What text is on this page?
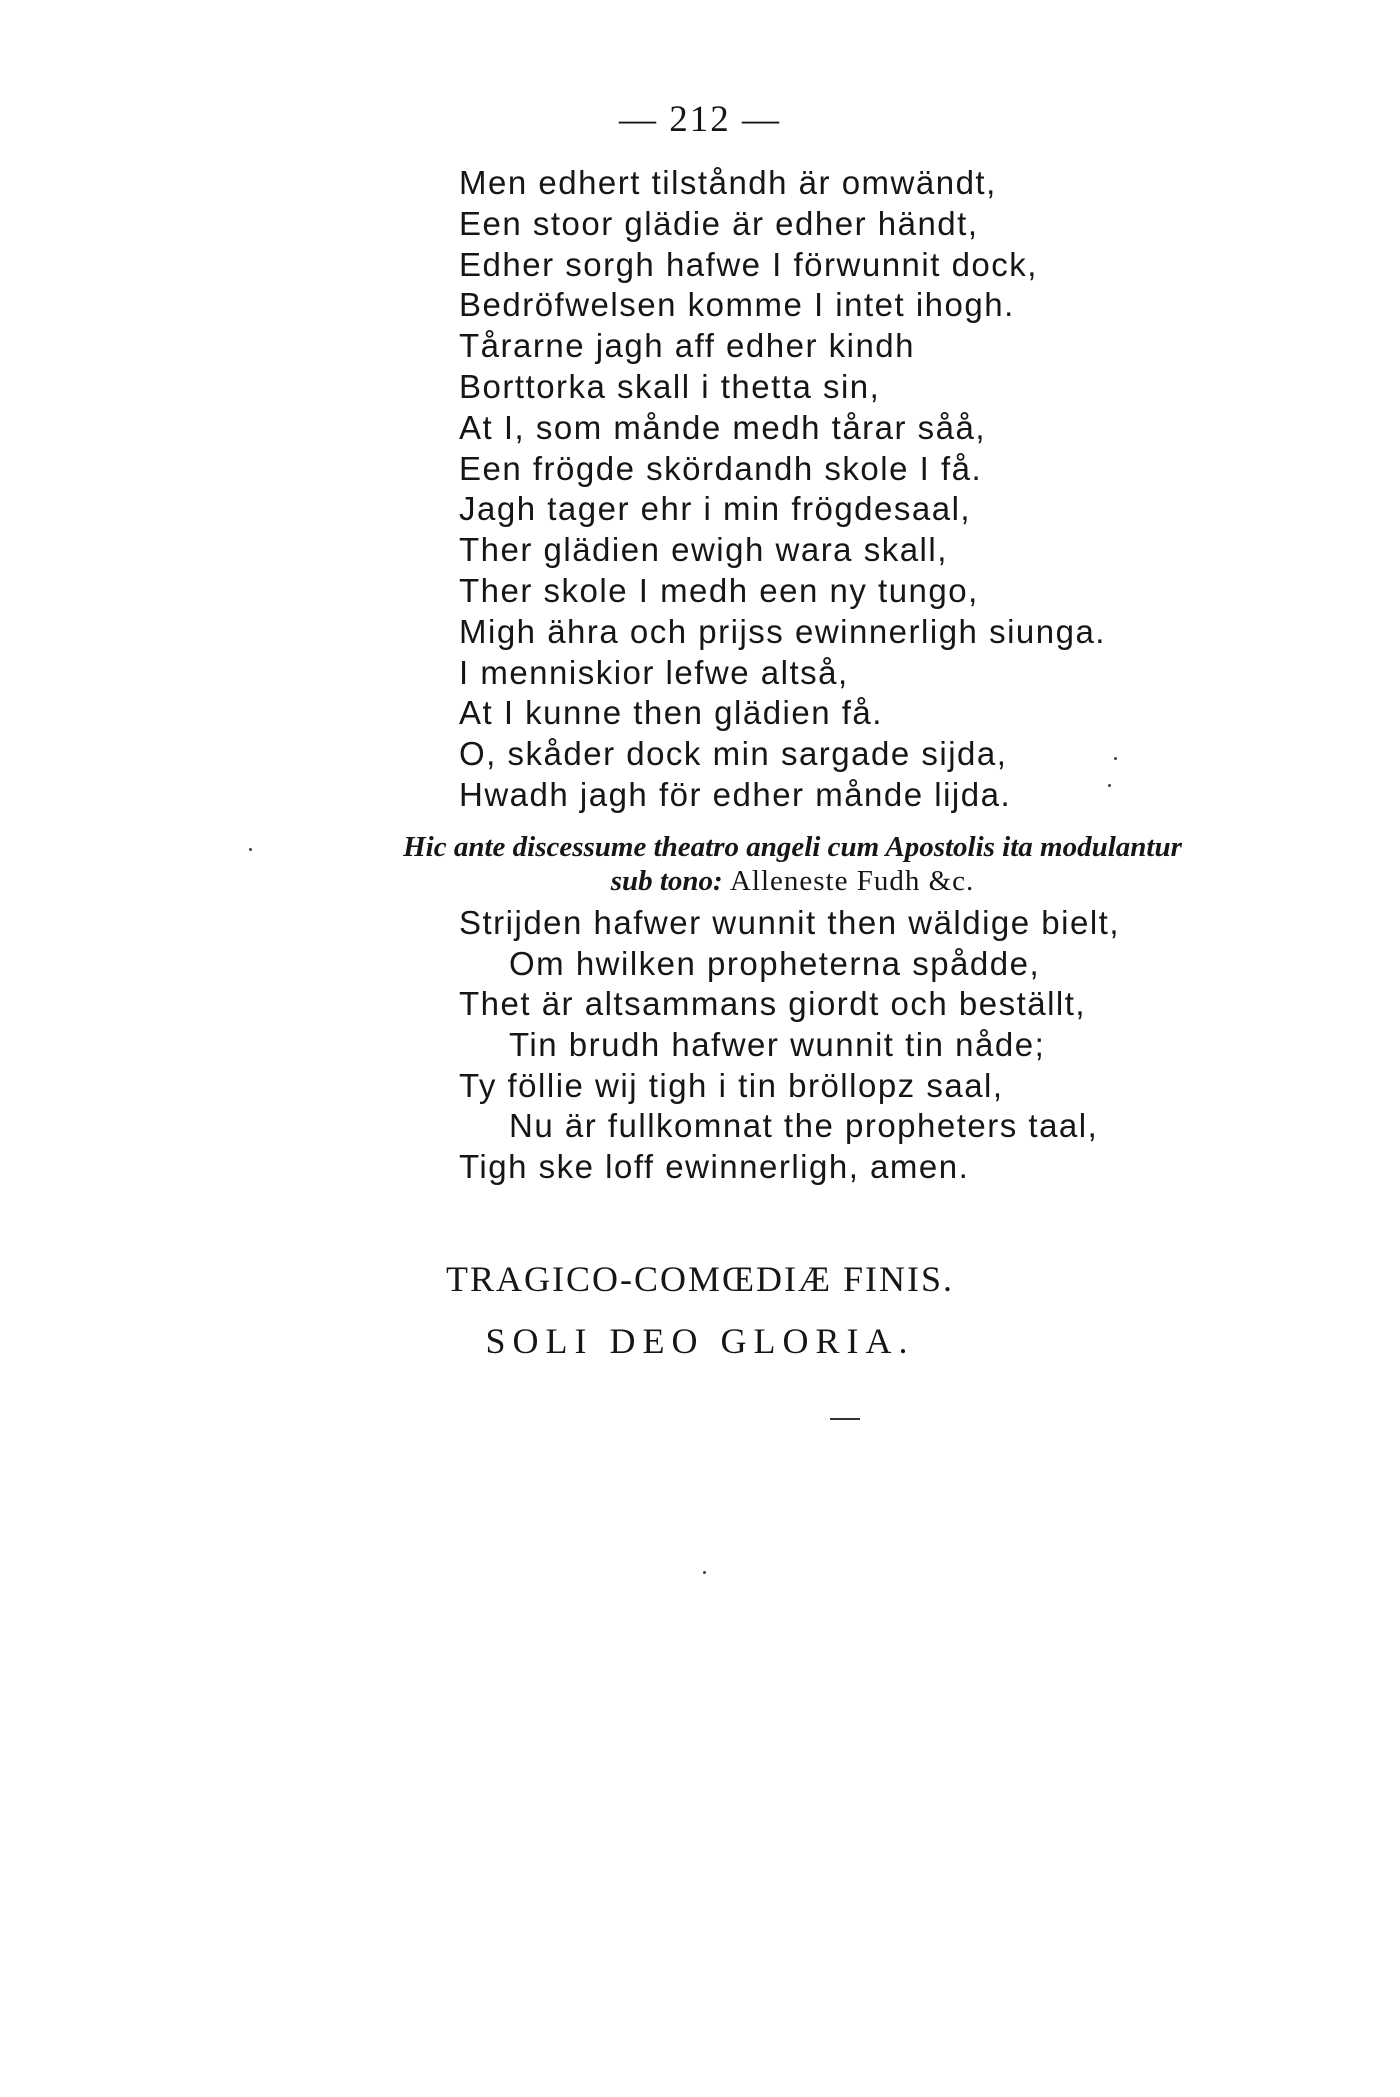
— 212 —
Men edhert tilståndh är omwändt,
Een stoor glädie är edher händt,
Edher sorgh hafwe I förwunnit dock,
Bedröfwelsen komme I intet ihogh.
Tårarne jagh aff edher kindh
Borttorka skall i thetta sin,
At I, som månde medh tårar såå,
Een frögde skördandh skole I få.
Jagh tager ehr i min frögdesaal,
Ther glädien ewigh wara skall,
Ther skole I medh een ny tungo,
Migh ähra och prijss ewinnerligh siunga.
I menniskior lefwe altså,
At I kunne then glädien få.
O, skåder dock min sargade sijda,
Hwadh jagh för edher månde lijda.
Hic ante discessume theatro angeli cum Apostolis ita modulantur
sub tono: Alleneste Fudh &c.
Strijden hafwer wunnit then wäldige bielt,
Om hwilken propheterna spådde,
Thet är altsammans giordt och beställt,
Tin brudh hafwer wunnit tin nåde;
Ty föllie wij tigh i tin bröllopz saal,
Nu är fullkomnat the propheters taal,
Tigh ske loff ewinnerligh, amen.
TRAGICO-COMŒDIÆ FINIS.
SOLI DEO GLORIA.
